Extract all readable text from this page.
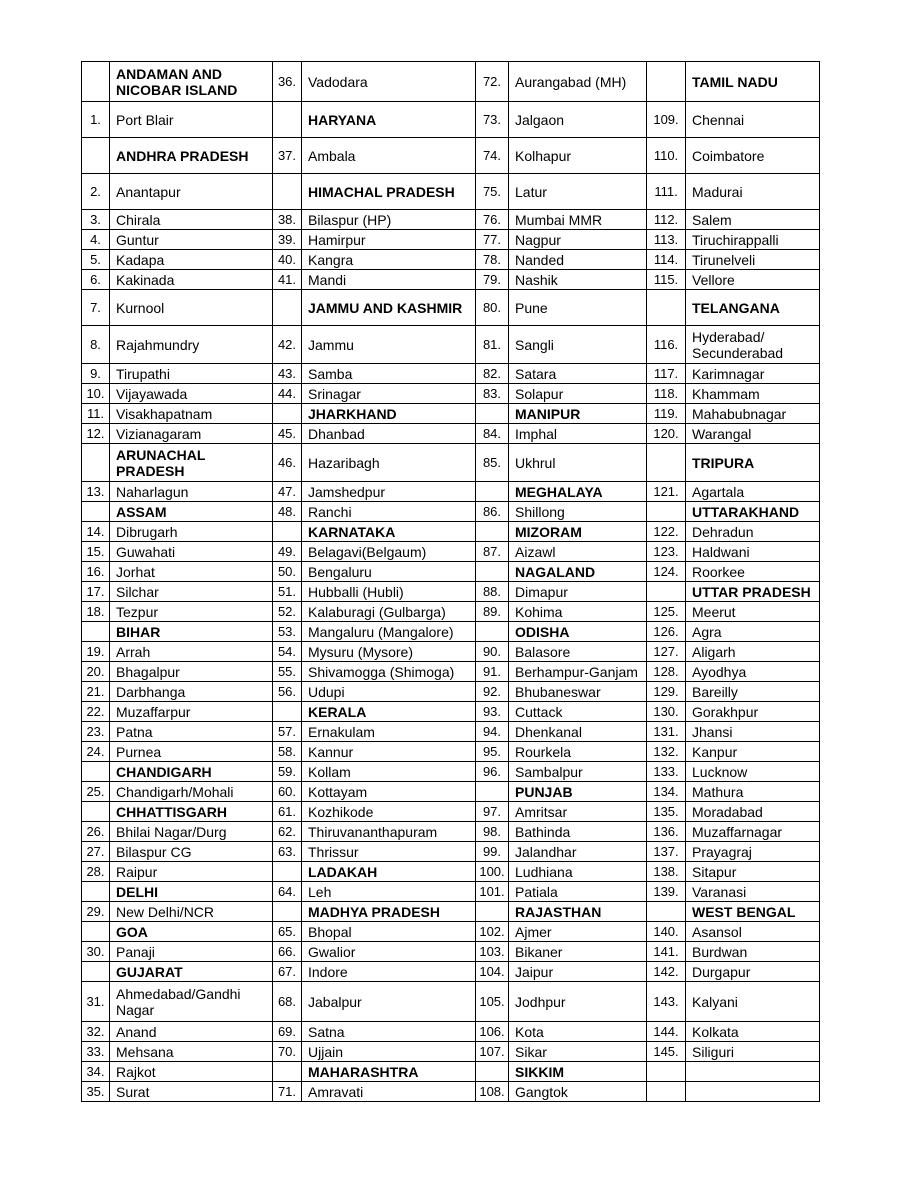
	ANDAMAN AND NICOBAR ISLAND	36.	Vadodara	72.	Aurangabad (MH)		TAMIL NADU
1.	Port Blair		HARYANA	73.	Jalgaon	109.	Chennai
	ANDHRA PRADESH	37.	Ambala	74.	Kolhapur	110.	Coimbatore
2.	Anantapur		HIMACHAL PRADESH	75.	Latur	111.	Madurai
3.	Chirala	38.	Bilaspur (HP)	76.	Mumbai MMR	112.	Salem
4.	Guntur	39.	Hamirpur	77.	Nagpur	113.	Tiruchirappalli
5.	Kadapa	40.	Kangra	78.	Nanded	114.	Tirunelveli
6.	Kakinada	41.	Mandi	79.	Nashik	115.	Vellore
7.	Kurnool		JAMMU AND KASHMIR	80.	Pune		TELANGANA
8.	Rajahmundry	42.	Jammu	81.	Sangli	116.	Hyderabad/ Secunderabad
9.	Tirupathi	43.	Samba	82.	Satara	117.	Karimnagar
10.	Vijayawada	44.	Srinagar	83.	Solapur	118.	Khammam
11.	Visakhapatnam		JHARKHAND		MANIPUR	119.	Mahabubnagar
12.	Vizianagaram	45.	Dhanbad	84.	Imphal	120.	Warangal
	ARUNACHAL PRADESH	46.	Hazaribagh	85.	Ukhrul		TRIPURA
13.	Naharlagun	47.	Jamshedpur		MEGHALAYA	121.	Agartala
	ASSAM	48.	Ranchi	86.	Shillong		UTTARAKHAND
14.	Dibrugarh		KARNATAKA		MIZORAM	122.	Dehradun
15.	Guwahati	49.	Belagavi(Belgaum)	87.	Aizawl	123.	Haldwani
16.	Jorhat	50.	Bengaluru		NAGALAND	124.	Roorkee
17.	Silchar	51.	Hubballi (Hubli)	88.	Dimapur		UTTAR PRADESH
18.	Tezpur	52.	Kalaburagi (Gulbarga)	89.	Kohima	125.	Meerut
	BIHAR	53.	Mangaluru (Mangalore)		ODISHA	126.	Agra
19.	Arrah	54.	Mysuru (Mysore)	90.	Balasore	127.	Aligarh
20.	Bhagalpur	55.	Shivamogga (Shimoga)	91.	Berhampur-Ganjam	128.	Ayodhya
21.	Darbhanga	56.	Udupi	92.	Bhubaneswar	129.	Bareilly
22.	Muzaffarpur		KERALA	93.	Cuttack	130.	Gorakhpur
23.	Patna	57.	Ernakulam	94.	Dhenkanal	131.	Jhansi
24.	Purnea	58.	Kannur	95.	Rourkela	132.	Kanpur
	CHANDIGARH	59.	Kollam	96.	Sambalpur	133.	Lucknow
25.	Chandigarh/Mohali	60.	Kottayam		PUNJAB	134.	Mathura
	CHHATTISGARH	61.	Kozhikode	97.	Amritsar	135.	Moradabad
26.	Bhilai Nagar/Durg	62.	Thiruvananthapuram	98.	Bathinda	136.	Muzaffarnagar
27.	Bilaspur CG	63.	Thrissur	99.	Jalandhar	137.	Prayagraj
28.	Raipur		LADAKAH	100.	Ludhiana	138.	Sitapur
	DELHI	64.	Leh	101.	Patiala	139.	Varanasi
29.	New Delhi/NCR		MADHYA PRADESH		RAJASTHAN		WEST BENGAL
	GOA	65.	Bhopal	102.	Ajmer	140.	Asansol
30.	Panaji	66.	Gwalior	103.	Bikaner	141.	Burdwan
	GUJARAT	67.	Indore	104.	Jaipur	142.	Durgapur
31.	Ahmedabad/Gandhi Nagar	68.	Jabalpur	105.	Jodhpur	143.	Kalyani
32.	Anand	69.	Satna	106.	Kota	144.	Kolkata
33.	Mehsana	70.	Ujjain	107.	Sikar	145.	Siliguri
34.	Rajkot		MAHARASHTRA		SIKKIM		
35.	Surat	71.	Amravati	108.	Gangtok		
